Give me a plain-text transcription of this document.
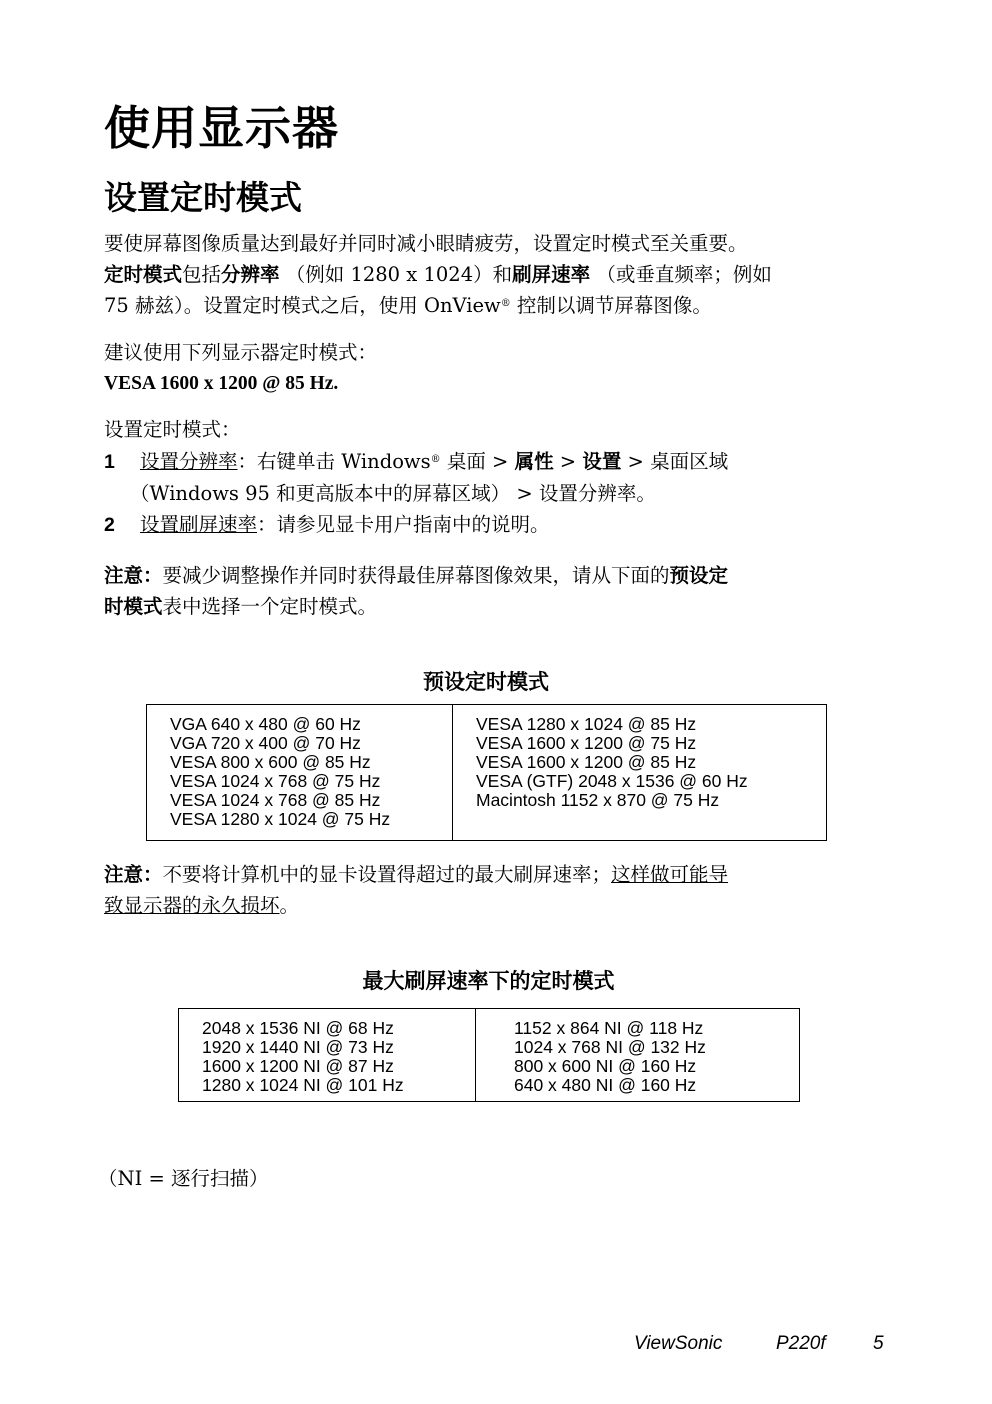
使用显示器
设置定时模式
要使屏幕图像质量达到最好并同时减小眼睛疲劳，设置定时模式至关重要。
定时模式包括分辨率 （例如 1280 x 1024）和刷屏速率 （或垂直频率；例如
75 赫兹）。设置定时模式之后，使用 OnView® 控制以调节屏幕图像。
建议使用下列显示器定时模式：
VESA 1600 x 1200 @ 85 Hz.
设置定时模式：
1 设置分辨率：右键单击 Windows® 桌面 > 属性 > 设置 > 桌面区域
（Windows 95 和更高版本中的屏幕区域） > 设置分辨率。
2 设置刷屏速率：请参见显卡用户指南中的说明。
注意：要减少调整操作并同时获得最佳屏幕图像效果，请从下面的预设定
时模式表中选择一个定时模式。
预设定时模式
VGA 640 x 480 @ 60 Hz
VGA 720 x 400 @ 70 Hz
VESA 800 x 600 @ 85 Hz
VESA 1024 x 768 @ 75 Hz
VESA 1024 x 768 @ 85 Hz
VESA 1280 x 1024 @ 75 Hz

VESA 1280 x 1024 @ 85 Hz
VESA 1600 x 1200 @ 75 Hz
VESA 1600 x 1200 @ 85 Hz
VESA (GTF) 2048 x 1536 @ 60 Hz
Macintosh 1152 x 870 @ 75 Hz
注意：不要将计算机中的显卡设置得超过的最大刷屏速率；这样做可能导
致显示器的永久损坏。
最大刷屏速率下的定时模式
2048 x 1536 NI @ 68 Hz
1920 x 1440 NI @ 73 Hz
1600 x 1200 NI @ 87 Hz
1280 x 1024 NI @ 101 Hz

1152 x 864 NI @ 118 Hz
1024 x 768 NI @ 132 Hz
800 x 600 NI @ 160 Hz
640 x 480 NI @ 160 Hz
（NI = 逐行扫描）
ViewSonic	P220f 5
